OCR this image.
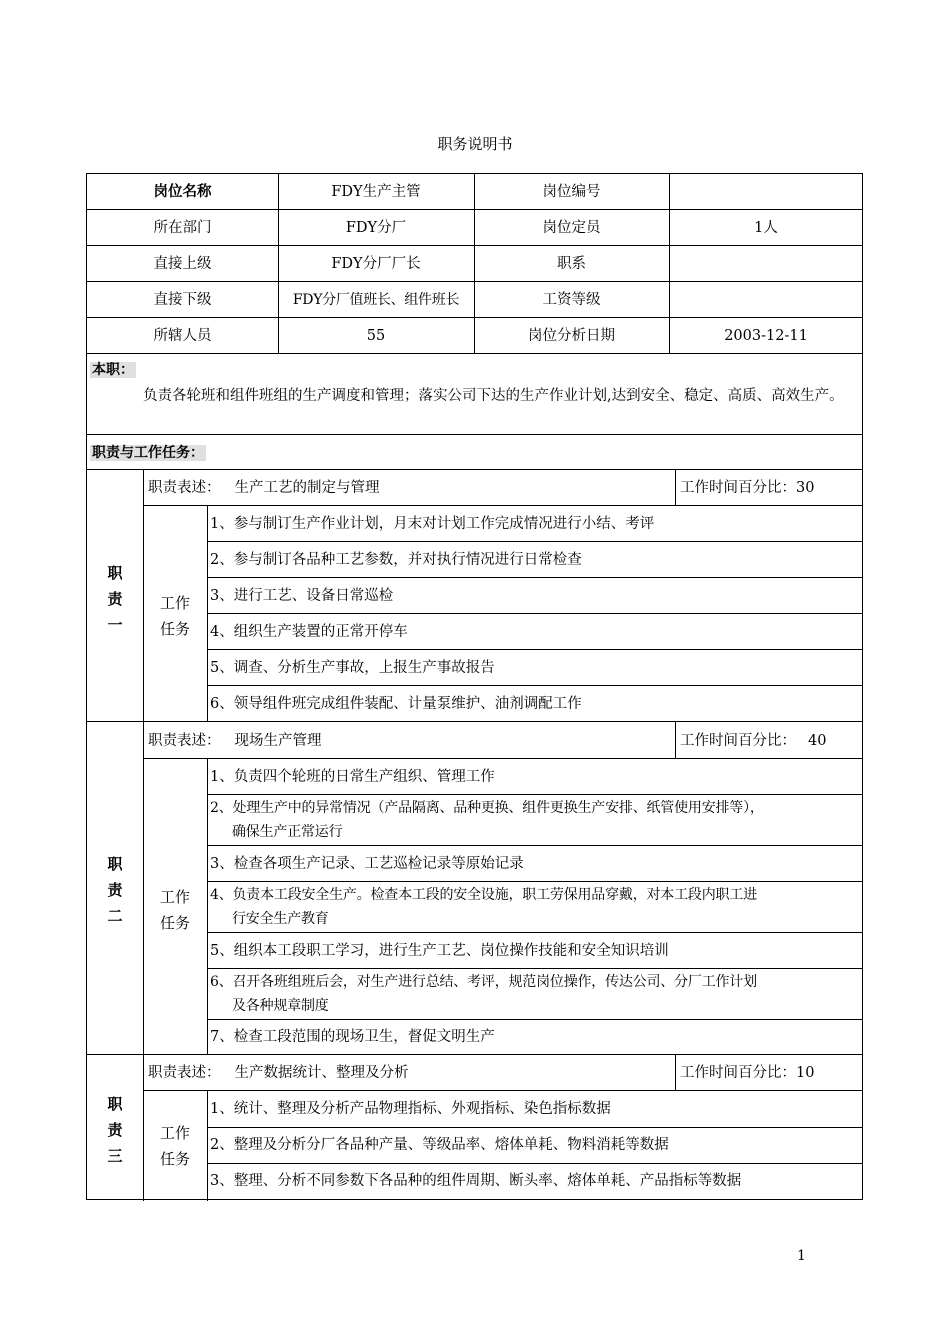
职务说明书
岗位名称	FDY生产主管	岗位编号
所在部门	FDY分厂	岗位定员	1人
直接上级	FDY分厂厂长	职系
直接下级	FDY分厂值班长、组件班长	工资等级
所辖人员	55	岗位分析日期	2003-12-11
本职：
负责各轮班和组件班组的生产调度和管理；落实公司下达的生产作业计划,达到安全、稳定、高质、高效生产。
职责与工作任务：
职
责
一
职责表述： 生产工艺的制定与管理	工作时间百分比： 30
工作
任务
1、参与制订生产作业计划，月末对计划工作完成情况进行小结、考评
2、参与制订各品种工艺参数，并对执行情况进行日常检查
3、进行工艺、设备日常巡检
4、组织生产装置的正常开停车
5、调查、分析生产事故，上报生产事故报告
6、领导组件班完成组件装配、计量泵维护、油剂调配工作
职
责
二
职责表述： 现场生产管理	工作时间百分比： 40
工作
任务
1、负责四个轮班的日常生产组织、管理工作
2、处理生产中的异常情况（产品隔离、品种更换、组件更换生产安排、纸管使用安排等），
确保生产正常运行
3、检查各项生产记录、工艺巡检记录等原始记录
4、负责本工段安全生产。检查本工段的安全设施，职工劳保用品穿戴，对本工段内职工进
行安全生产教育
5、组织本工段职工学习，进行生产工艺、岗位操作技能和安全知识培训
6、召开各班组班后会，对生产进行总结、考评，规范岗位操作，传达公司、分厂工作计划
及各种规章制度
7、检查工段范围的现场卫生，督促文明生产
职
责
三
职责表述： 生产数据统计、整理及分析	工作时间百分比： 10
工作
任务
1、统计、整理及分析产品物理指标、外观指标、染色指标数据
2、整理及分析分厂各品种产量、等级品率、熔体单耗、物料消耗等数据
3、整理、分析不同参数下各品种的组件周期、断头率、熔体单耗、产品指标等数据
1
